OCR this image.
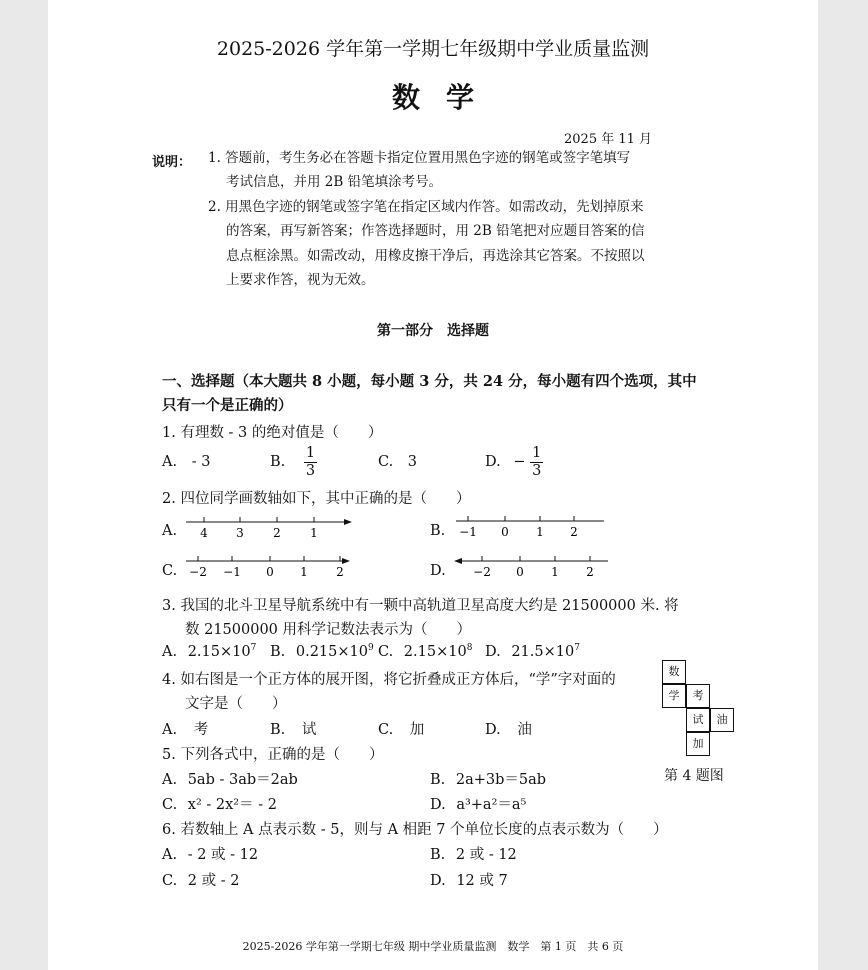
2025-2026 学年第一学期七年级期中学业质量监测
数学
2025 年 11 月
说明： 1. 答题前，考生务必在答题卡指定位置用黑色字迹的钢笔或签字笔填写
考试信息，并用 2B 铅笔填涂考号。
2. 用黑色字迹的钢笔或签字笔在指定区域内作答。如需改动，先划掉原来
的答案，再写新答案；作答选择题时，用 2B 铅笔把对应题目答案的信
息点框涂黑。如需改动，用橡皮擦干净后，再选涂其它答案。不按照以
上要求作答，视为无效。
第一部分　选择题
一、选择题（本大题共 8 小题，每小题 3 分，共 24 分，每小题有四个选项，其中
只有一个是正确的）
1. 有理数 - 3 的绝对值是（　　）
A. - 3	B. $\frac{1}{3}$	C. 3	D. − $\frac{1}{3}$
2. 四位同学画数轴如下，其中正确的是（　　）
A. 4 3 2 1	B. −1 0 1 2
C. −2 −1 0 1 2	D. −2 0 1 2
3. 我国的北斗卫星导航系统中有一颗中高轨道卫星高度大约是 21500000 米. 将
数 21500000 用科学记数法表示为（　　）
A. $2.15\times 10^7$ B. $0.215\times 10^9$ C. $2.15\times 10^8$ D. $21.5\times 10^7$
4. 如右图是一个正方体的展开图，将它折叠成正方体后，“学”字对面的
文字是（　　）
A. 考	B. 试	C. 加	D. 油
数
学	考
试	油
加
第 4 题图
5. 下列各式中，正确的是（　　）
A. 5ab - 3ab＝2ab	B. 2a+3b＝5ab
C. x² - 2x²＝ - 2	D. a³+a²＝a⁵
6. 若数轴上 A 点表示数 - 5，则与 A 相距 7 个单位长度的点表示数为（　　）
A. - 2 或 - 12	B. 2 或 - 12
C. 2 或 - 2	D. 12 或 7
2025-2026 学年第一学期七年级 期中学业质量监测　数学　第 1 页　共 6 页
